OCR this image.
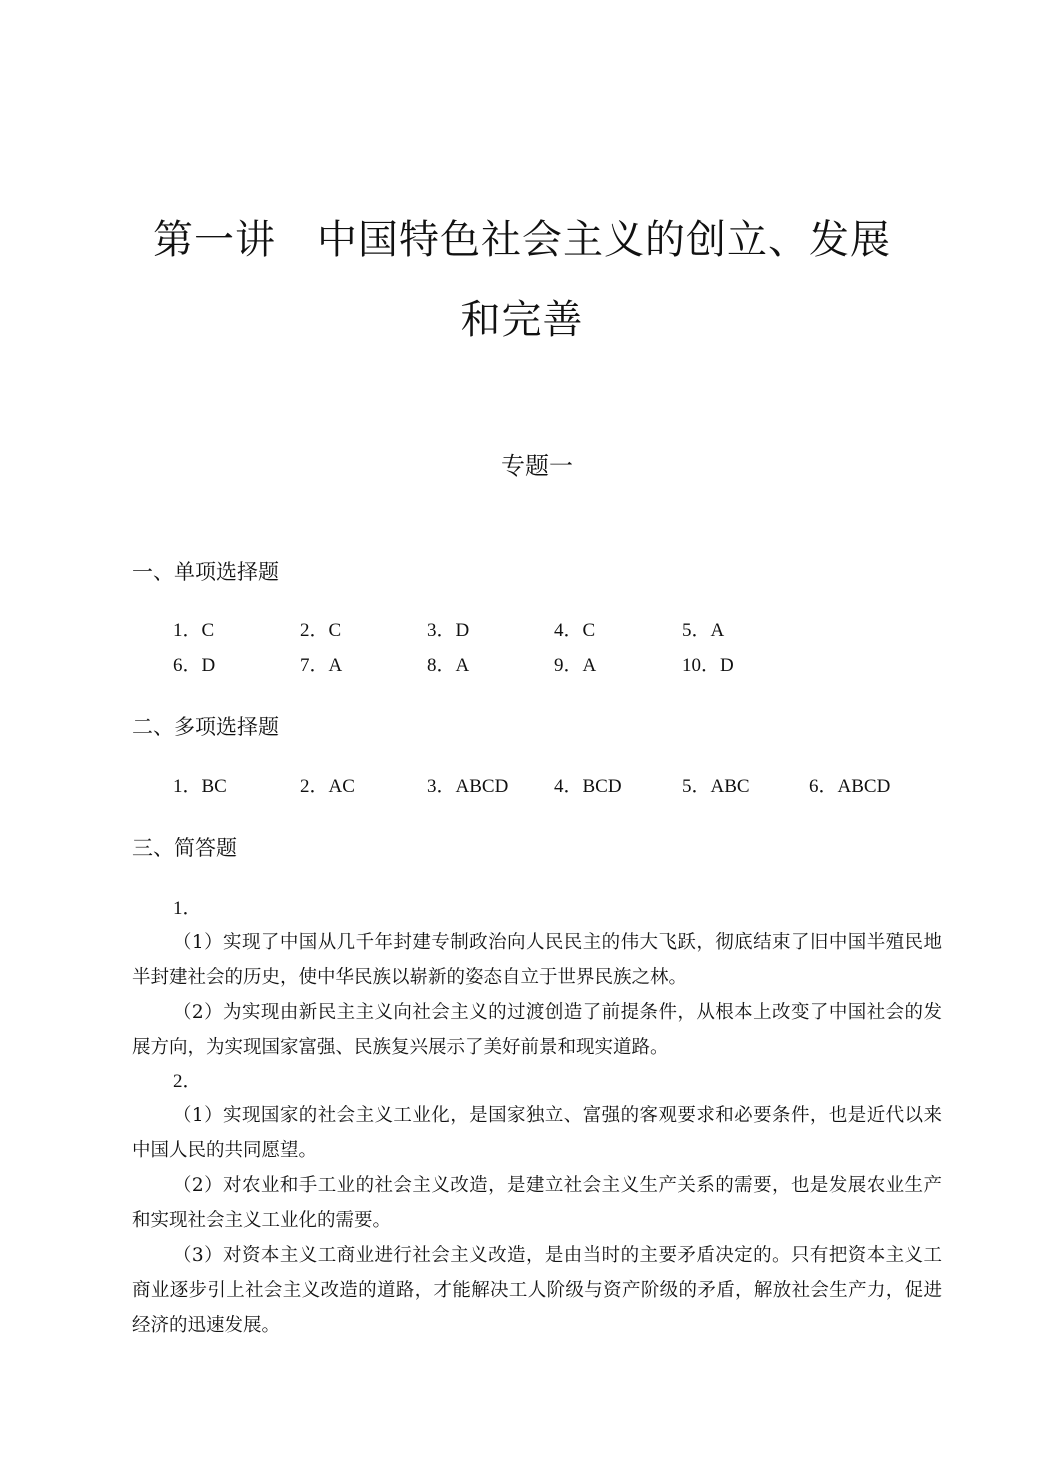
第一讲　中国特色社会主义的创立、发展
和完善
专题一
一、单项选择题
1．C	2．C	3．D	4．C	5．A
6．D	7．A	8．A	9．A	10．D
二、多项选择题
1．BC	2．AC	3．ABCD 4．BCD	5．ABC	6．ABCD
三、简答题
1．

（1）实现了中国从几千年封建专制政治向人民民主的伟大飞跃，彻底结束了旧中国半殖民地半封建社会的历史，使中华民族以崭新的姿态自立于世界民族之林。

（2）为实现由新民主主义向社会主义的过渡创造了前提条件，从根本上改变了中国社会的发展方向，为实现国家富强、民族复兴展示了美好前景和现实道路。

2．

（1）实现国家的社会主义工业化，是国家独立、富强的客观要求和必要条件，也是近代以来中国人民的共同愿望。

（2）对农业和手工业的社会主义改造，是建立社会主义生产关系的需要，也是发展农业生产和实现社会主义工业化的需要。

（3）对资本主义工商业进行社会主义改造，是由当时的主要矛盾决定的。只有把资本主义工商业逐步引上社会主义改造的道路，才能解决工人阶级与资产阶级的矛盾，解放社会生产力，促进经济的迅速发展。
